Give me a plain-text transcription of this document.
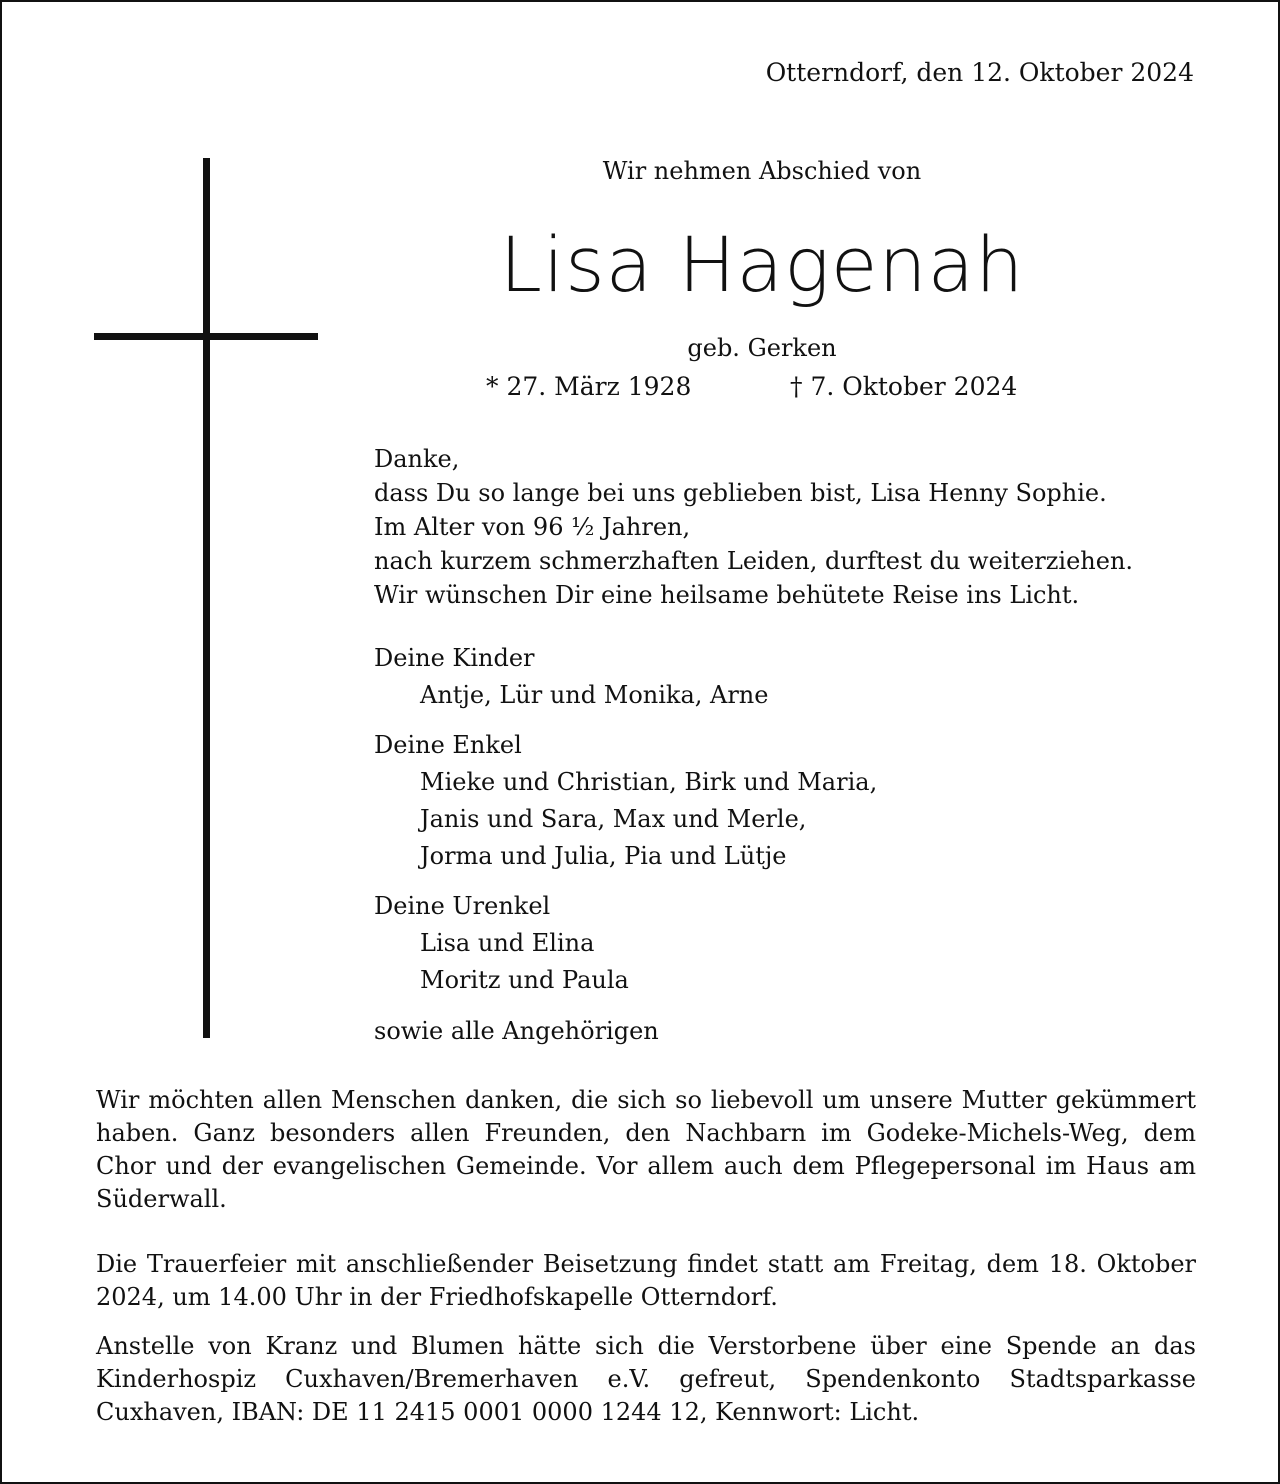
Otterndorf, den 12. Oktober 2024
Wir nehmen Abschied von
Lisa Hagenah
geb. Gerken
* 27. März 1928	† 7. Oktober 2024
Danke,
dass Du so lange bei uns geblieben bist, Lisa Henny Sophie.
Im Alter von 96 ½ Jahren,
nach kurzem schmerzhaften Leiden, durftest du weiterziehen.
Wir wünschen Dir eine heilsame behütete Reise ins Licht.
Deine Kinder
Antje, Lür und Monika, Arne
Deine Enkel
Mieke und Christian, Birk und Maria,
Janis und Sara, Max und Merle,
Jorma und Julia, Pia und Lütje
Deine Urenkel
Lisa und Elina
Moritz und Paula
sowie alle Angehörigen
Wir möchten allen Menschen danken, die sich so liebevoll um unsere Mutter gekümmert haben. Ganz besonders allen Freunden, den Nachbarn im Godeke-Michels-Weg, dem Chor und der evangelischen Gemeinde. Vor allem auch dem Pflegepersonal im Haus am Süderwall.
Die Trauerfeier mit anschließender Beisetzung findet statt am Freitag, dem 18. Oktober 2024, um 14.00 Uhr in der Friedhofskapelle Otterndorf.
Anstelle von Kranz und Blumen hätte sich die Verstorbene über eine Spende an das Kinderhospiz Cuxhaven/Bremerhaven e.V. gefreut, Spendenkonto Stadtsparkasse Cuxhaven, IBAN: DE 11 2415 0001 0000 1244 12, Kennwort: Licht.
